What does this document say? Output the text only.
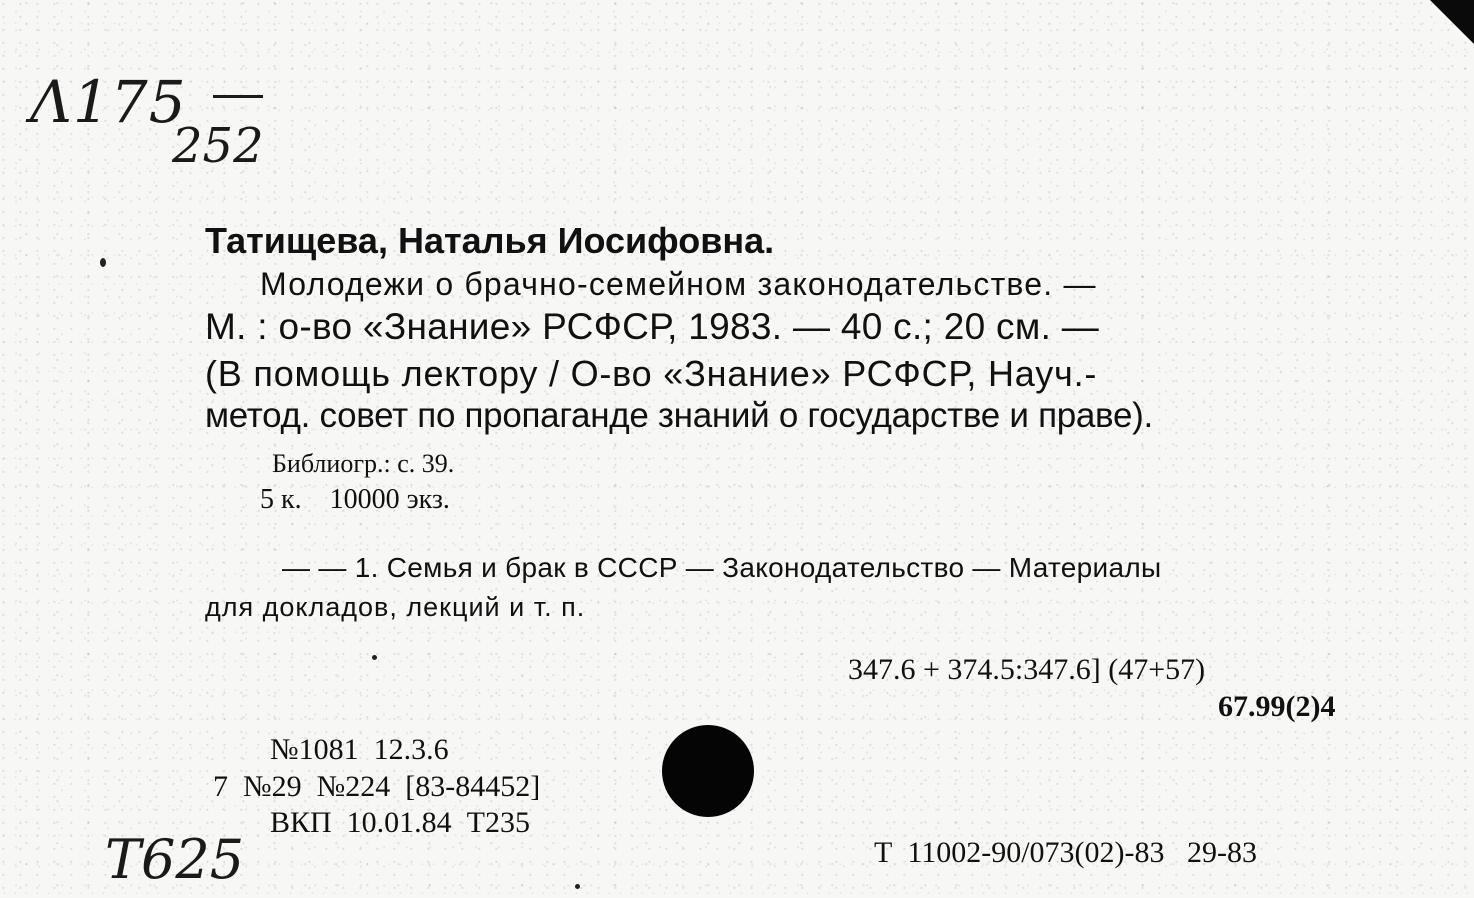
Λ175
252
Татищева, Наталья Иосифовна.
Молодежи о брачно-семейном законодательстве. —
М. : о-во «Знание» РСФСР, 1983. — 40 с.; 20 см. —
(В помощь лектору / О-во «Знание» РСФСР, Науч.-
метод. совет по пропаганде знаний о государстве и праве).
Библиогр.: с. 39.
5 к.    10000 экз.
— — 1. Семья и брак в СССР — Законодательство — Материалы
для докладов, лекций и т. п.
347.6 + 374.5:347.6] (47+57)
67.99(2)4
№1081  12.3.6
7  №29  №224  [83-84452]
ВКП  10.01.84  Т235
T625	Т  11002-90/073(02)-83   29-83
